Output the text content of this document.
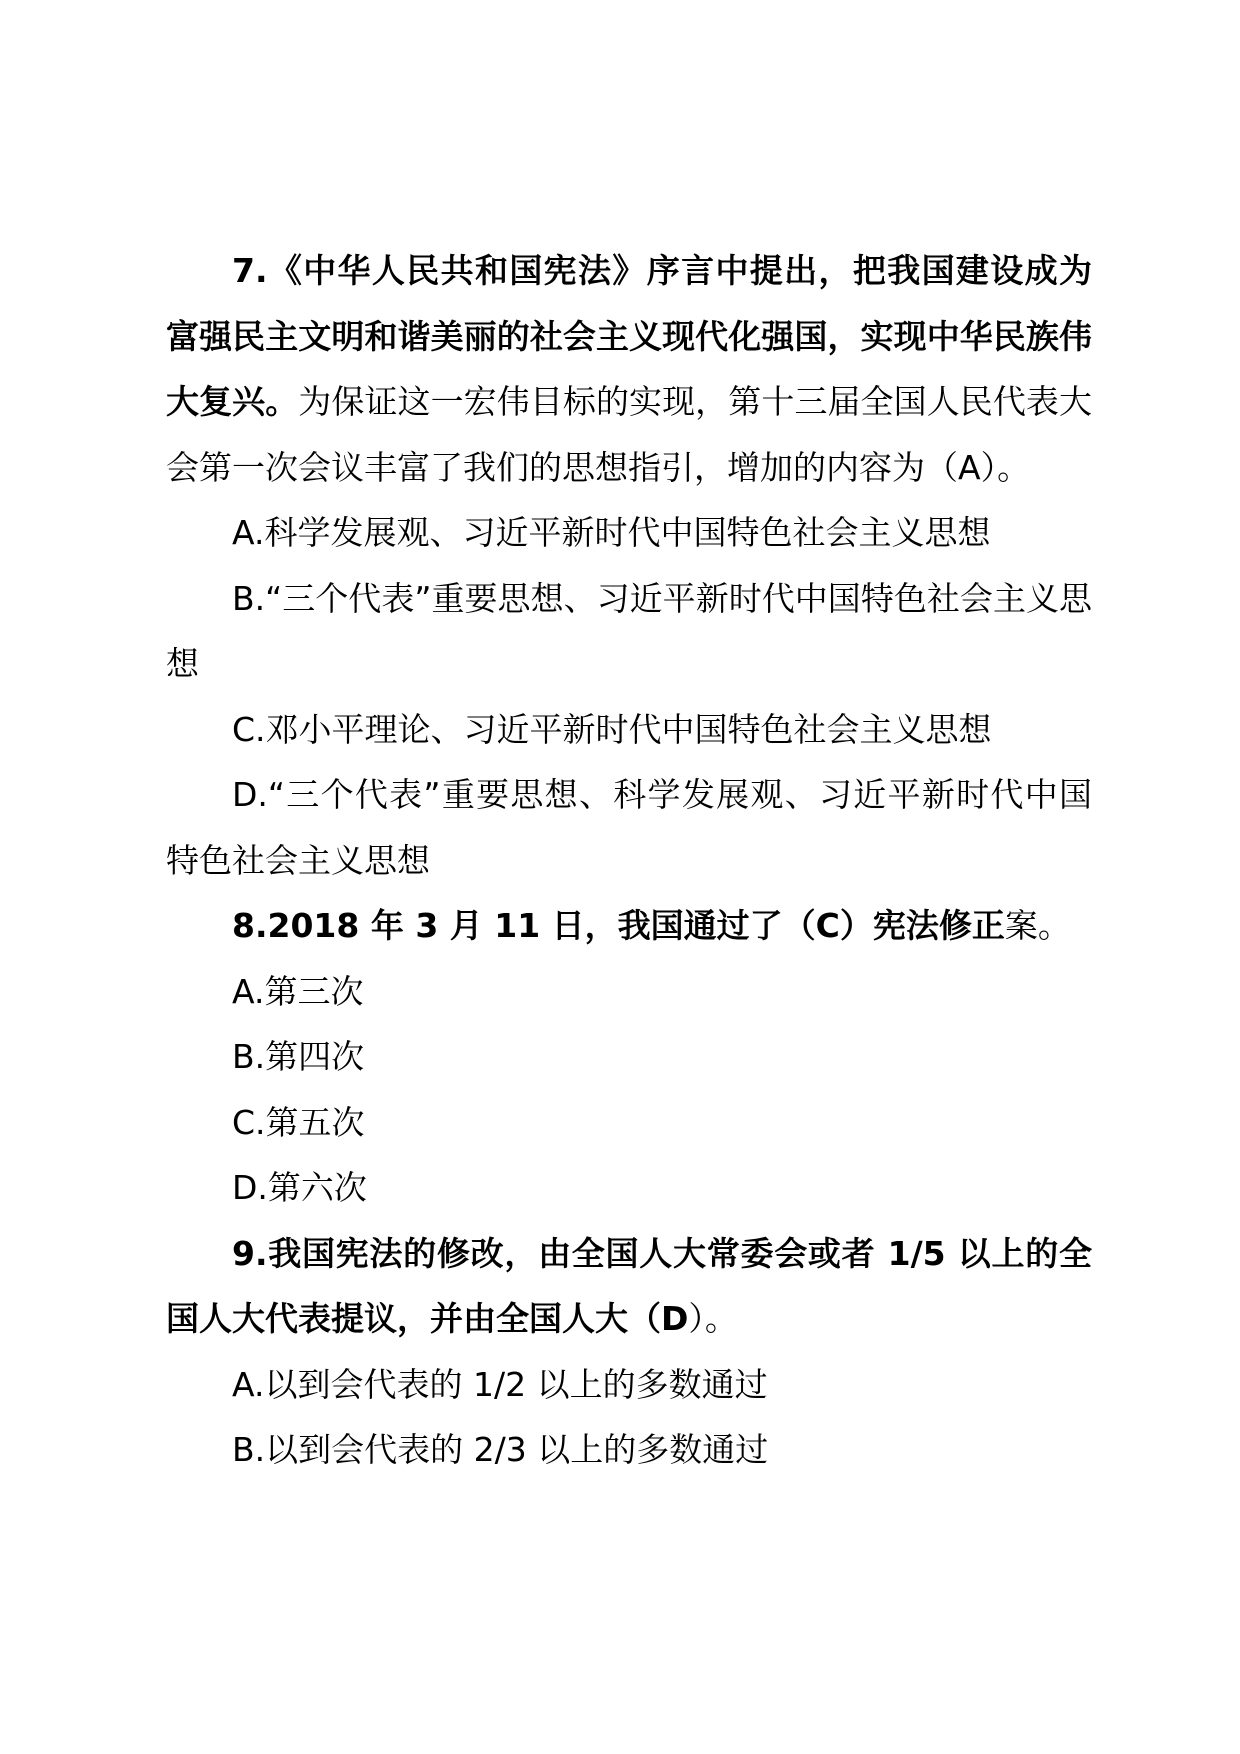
7.《中华人民共和国宪法》序言中提出，把我国建设成为富强民主文明和谐美丽的社会主义现代化强国，实现中华民族伟大复兴。为保证这一宏伟目标的实现，第十三届全国人民代表大会第一次会议丰富了我们的思想指引，增加的内容为（A）。

A.科学发展观、习近平新时代中国特色社会主义思想

B.“三个代表”重要思想、习近平新时代中国特色社会主义思想

C.邓小平理论、习近平新时代中国特色社会主义思想

D.“三个代表”重要思想、科学发展观、习近平新时代中国特色社会主义思想

8.2018 年 3 月 11 日，我国通过了（C）宪法修正案。

A.第三次

B.第四次

C.第五次

D.第六次

9.我国宪法的修改，由全国人大常委会或者 1/5 以上的全国人大代表提议，并由全国人大（D）。

A.以到会代表的 1/2 以上的多数通过

B.以到会代表的 2/3 以上的多数通过
